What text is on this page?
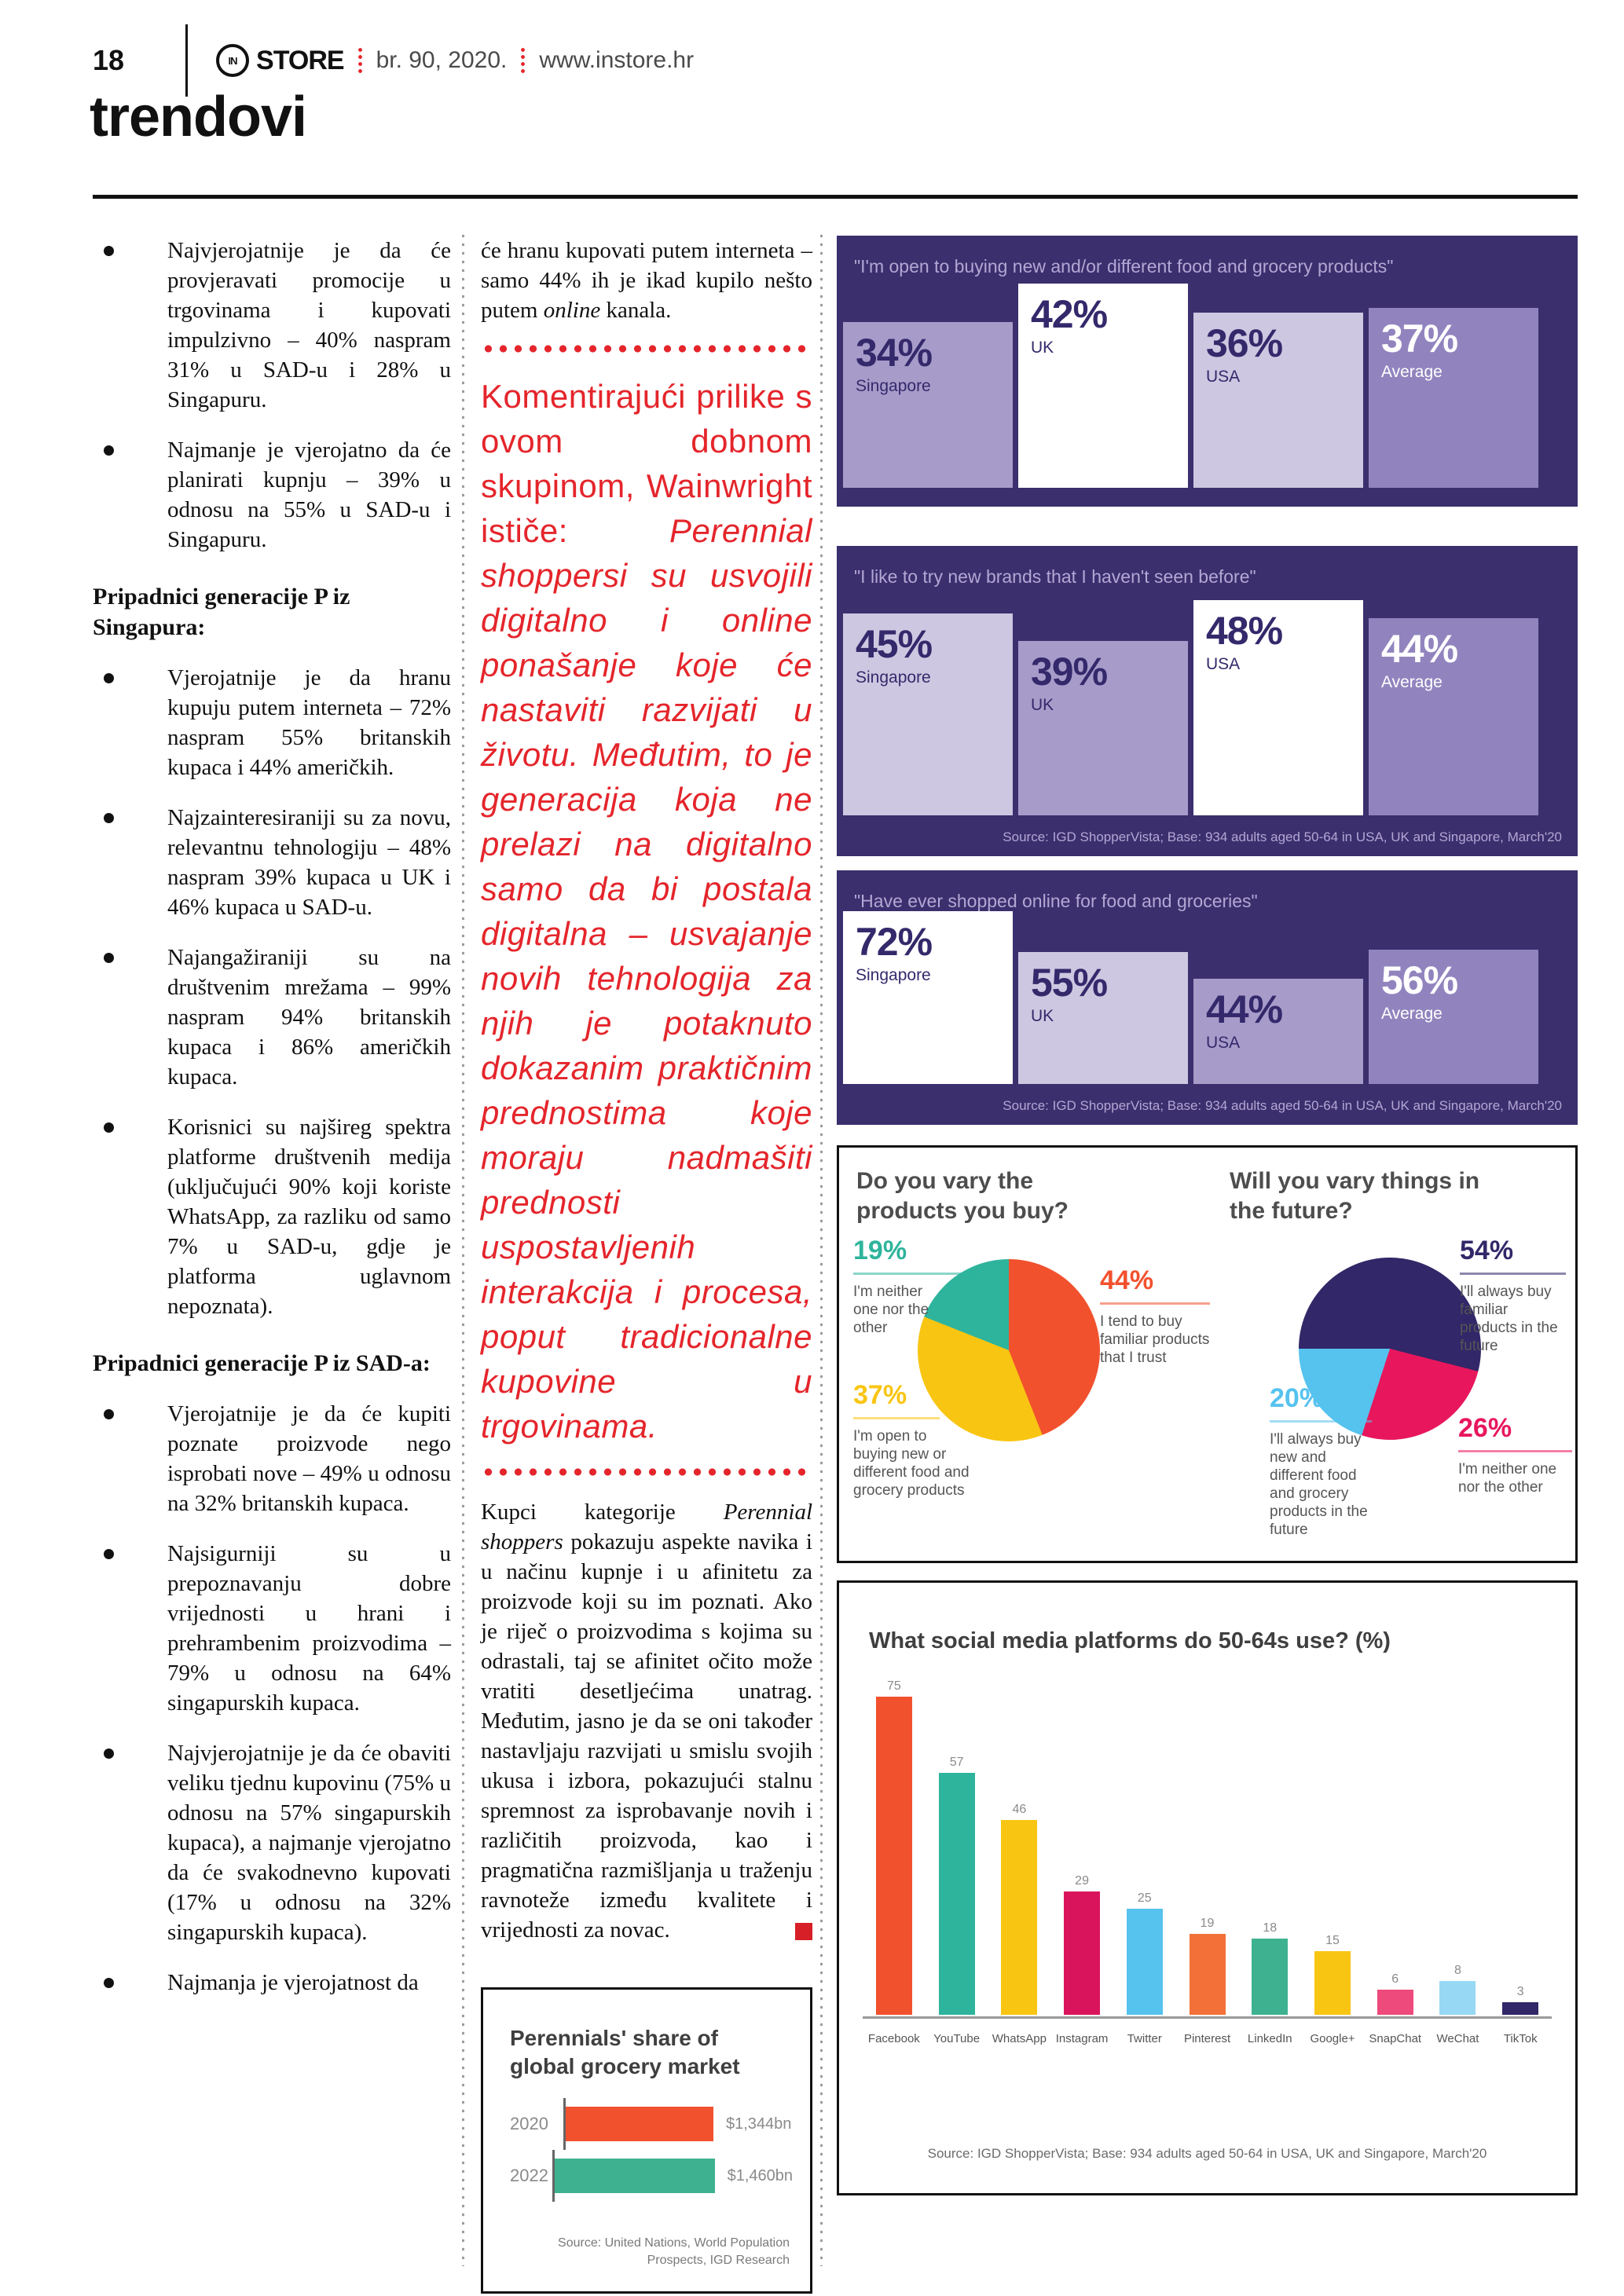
18	IN STORE br. 90, 2020. www.instore.hr
trendovi
Najvjerojatnije je da će provjeravati promocije u trgovinama i kupovati impulzivno – 40% naspram 31% u SAD-u i 28% u Singapuru.
Najmanje je vjerojatno da će planirati kupnju – 39% u odnosu na 55% u SAD-u i Singapuru.
Pripadnici generacije P iz Singapura:
Vjerojatnije je da hranu kupuju putem interneta – 72% naspram 55% britanskih kupaca i 44% američkih.
Najzainteresiraniji su za novu, relevantnu tehnologiju – 48% naspram 39% kupaca u UK i 46% kupaca u SAD-u.
Najangažiraniji su na društvenim mrežama – 99% naspram 94% britanskih kupaca i 86% američkih kupaca.
Korisnici su najšireg spektra platforme društvenih medija (uključujući 90% koji koriste WhatsApp, za razliku od samo 7% u SAD-u, gdje je platforma uglavnom nepoznata).
Pripadnici generacije P iz SAD-a:
Vjerojatnije je da će kupiti poznate proizvode nego isprobati nove – 49% u odnosu na 32% britanskih kupaca.
Najsigurniji su u prepoznavanju dobre vrijednosti u hrani i prehrambenim proizvodima – 79% u odnosu na 64% singapurskih kupaca.
Najvjerojatnije je da će obaviti veliku tjednu kupovinu (75% u odnosu na 57% singapurskih kupaca), a najmanje vjerojatno da će svakodnevno kupovati (17% u odnosu na 32% singapurskih kupaca).
Najmanja je vjerojatnost da
će hranu kupovati putem interneta – samo 44% ih je ikad kupilo nešto putem online kanala.
Komentirajući prilike s ovom dobnom skupinom, Wainwright ističe:	Perennial shoppersi su usvojili digitalno i online ponašanje koje će nastaviti razvijati u životu. Međutim, to je generacija koja ne prelazi na digitalno samo da bi postala digitalna – usvajanje novih tehnologija za njih je potaknuto dokazanim praktičnim prednostima koje moraju nadmašiti prednosti uspostavljenih interakcija i procesa, poput tradicionalne kupovine u trgovinama.
Kupci kategorije Perennial shoppers pokazuju aspekte navika i u načinu kupnje i u afinitetu za proizvode koji su im poznati. Ako je riječ o proizvodima s kojima su odrastali, taj se afinitet očito može vratiti desetljećima unatrag. Međutim, jasno je da se oni također nastavljaju razvijati u smislu svojih ukusa i izbora, pokazujući stalnu spremnost za isprobavanje novih i različitih proizvoda, kao i pragmatična razmišljanja u traženju ravnoteže između kvalitete i vrijednosti za novac.
Perennials' share of global grocery market
2020	$1,344bn
2022	$1,460bn
Source: United Nations, World Population Prospects, IGD Research
"I'm open to buying new and/or different food and grocery products"
34%
Singapore
42%
UK	36%
USA
37%
Average
"I like to try new brands that I haven't seen before"
45%
Singapore	39%
UK
48%
USA	44%
Average
Source: IGD ShopperVista; Base: 934 adults aged 50-64 in USA, UK and Singapore, March'20
"Have ever shopped online for food and groceries"
72%
Singapore	55%
UK	44%
USA
56%
Average
Source: IGD ShopperVista; Base: 934 adults aged 50-64 in USA, UK and Singapore, March'20
Do you vary the products you buy?
Will you vary things in the future?
19%
I'm neither one nor the other
44%
I tend to buy familiar products that I trust
37%
I'm open to buying new or different food and grocery products
54%
I'll always buy familiar products in the future
20%
I'll always buy new and different food and grocery products in the future
26%
I'm neither one nor the other
What social media platforms do 50-64s use? (%)
75
57
46
29
25
19	18
15
6
8
3
Facebook	YouTube	WhatsApp Instagram	Twitter	Pinterest	LinkedIn	Google+	SnapChat	WeChat	TikTok
Source: IGD ShopperVista; Base: 934 adults aged 50-64 in USA, UK and Singapore, March'20
